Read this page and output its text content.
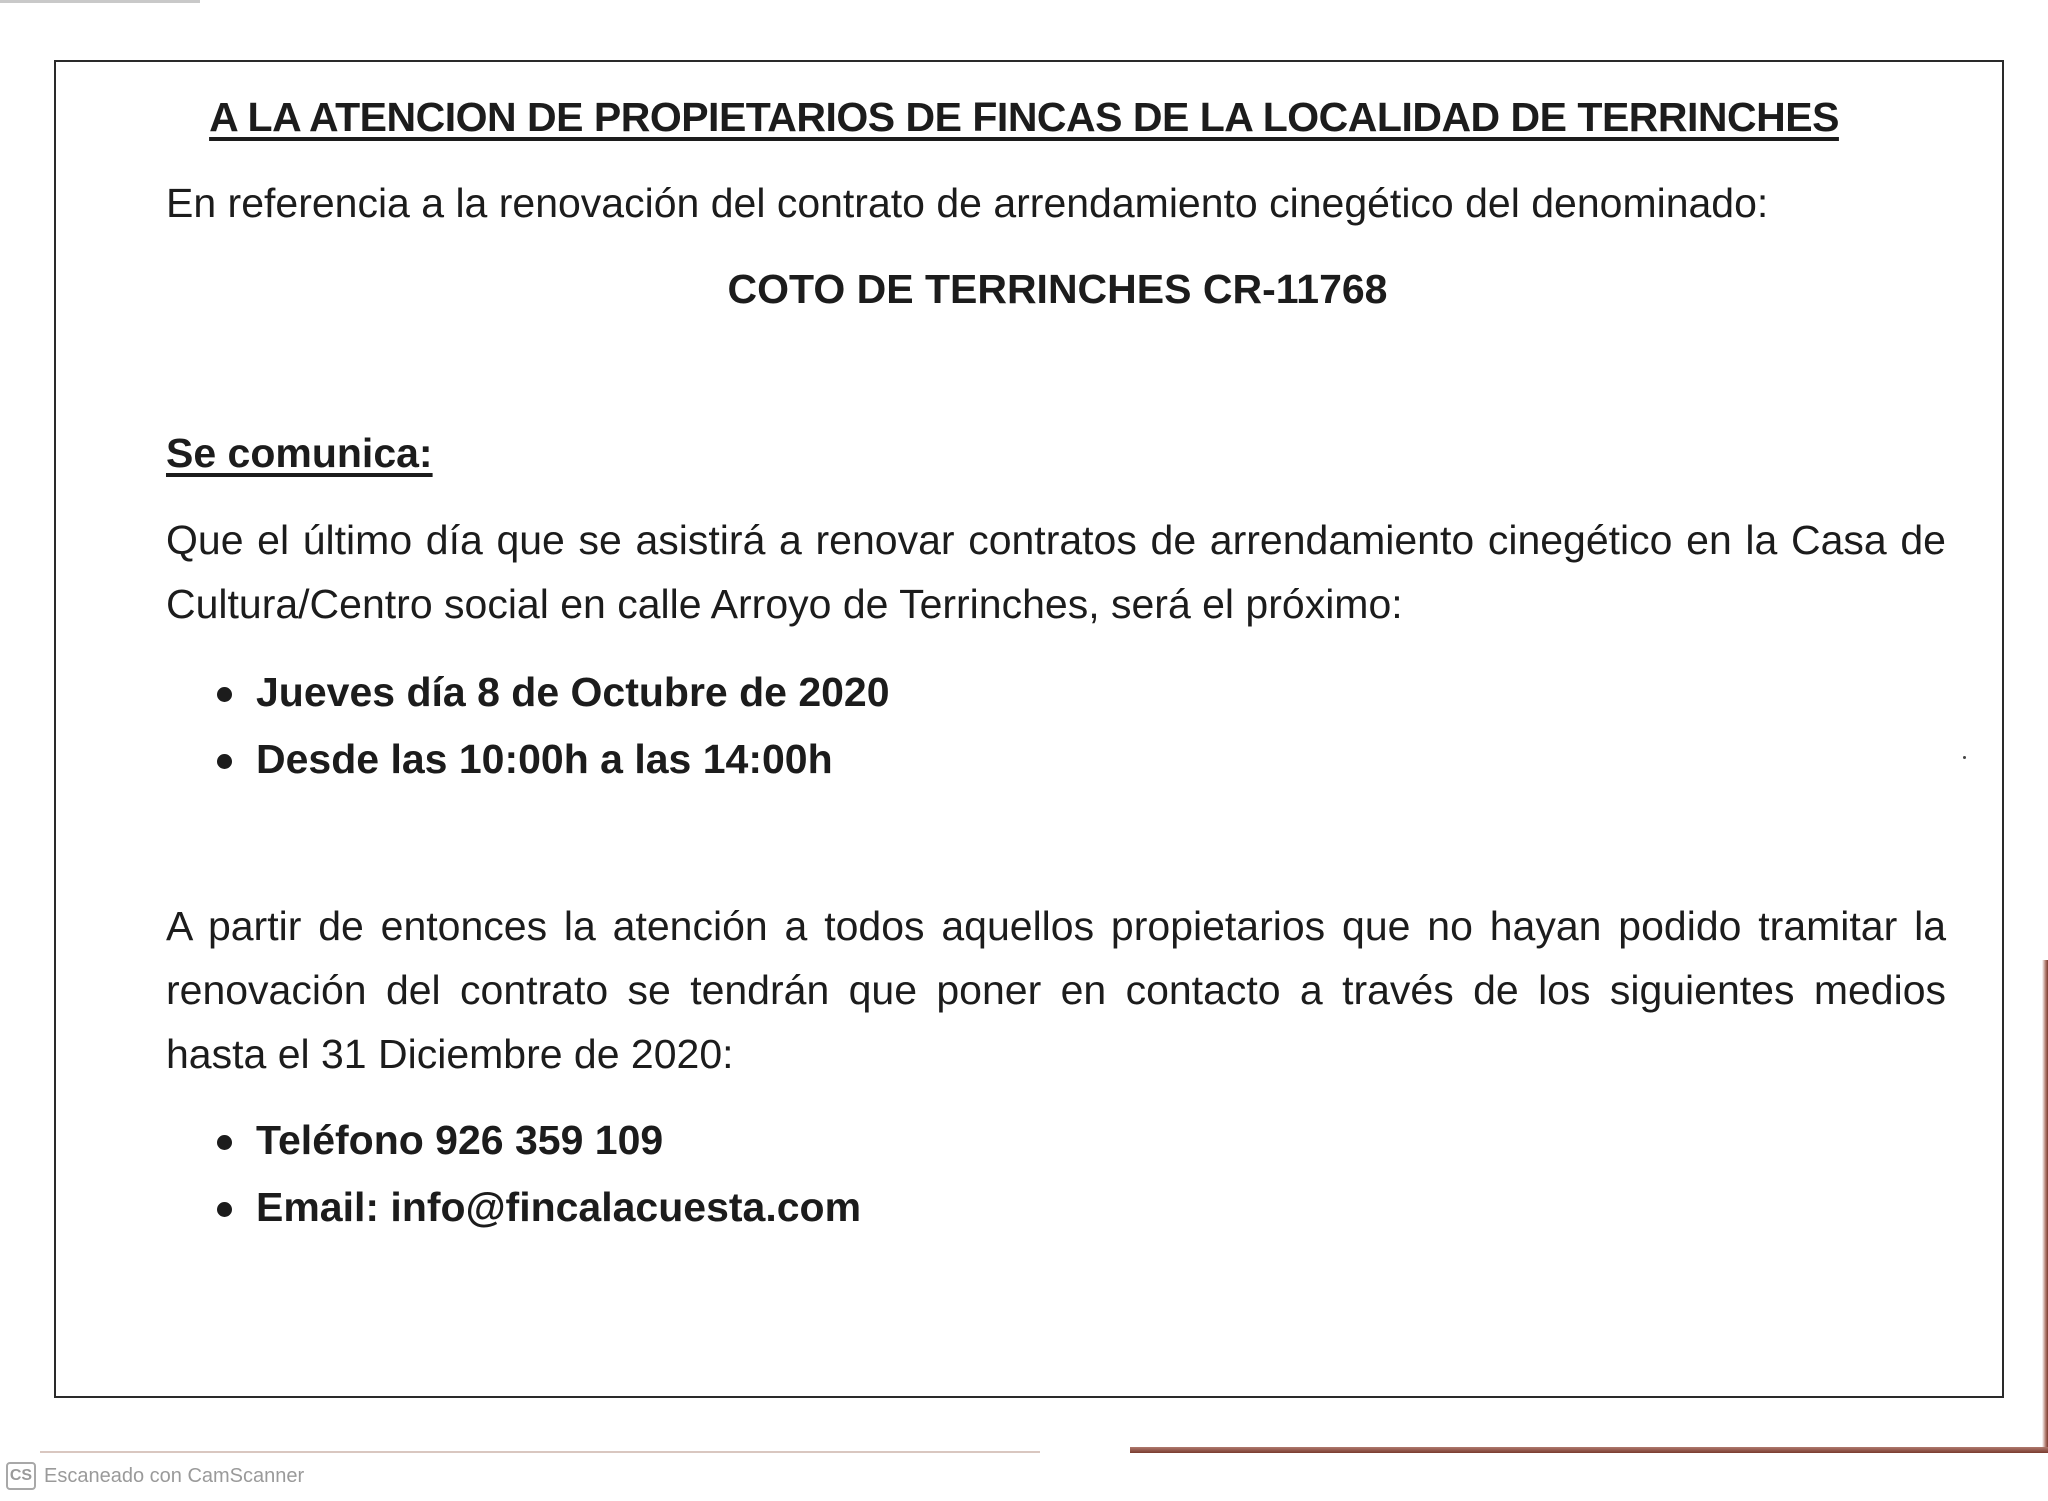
A LA ATENCION DE PROPIETARIOS DE FINCAS DE LA LOCALIDAD DE TERRINCHES

En referencia a la renovación del contrato de arrendamiento cinegético del denominado:

COTO DE TERRINCHES CR-11768

Se comunica:

Que el último día que se asistirá a renovar contratos de arrendamiento cinegético en la Casa de Cultura/Centro social en calle Arroyo de Terrinches, será el próximo:

Jueves día 8 de Octubre de 2020
Desde las 10:00h a las 14:00h

A partir de entonces la atención a todos aquellos propietarios que no hayan podido tramitar la renovación del contrato se tendrán que poner en contacto a través de los siguientes medios hasta el 31 Diciembre de 2020:

Teléfono 926 359 109
Email: info@fincalacuesta.com
CS Escaneado con CamScanner
